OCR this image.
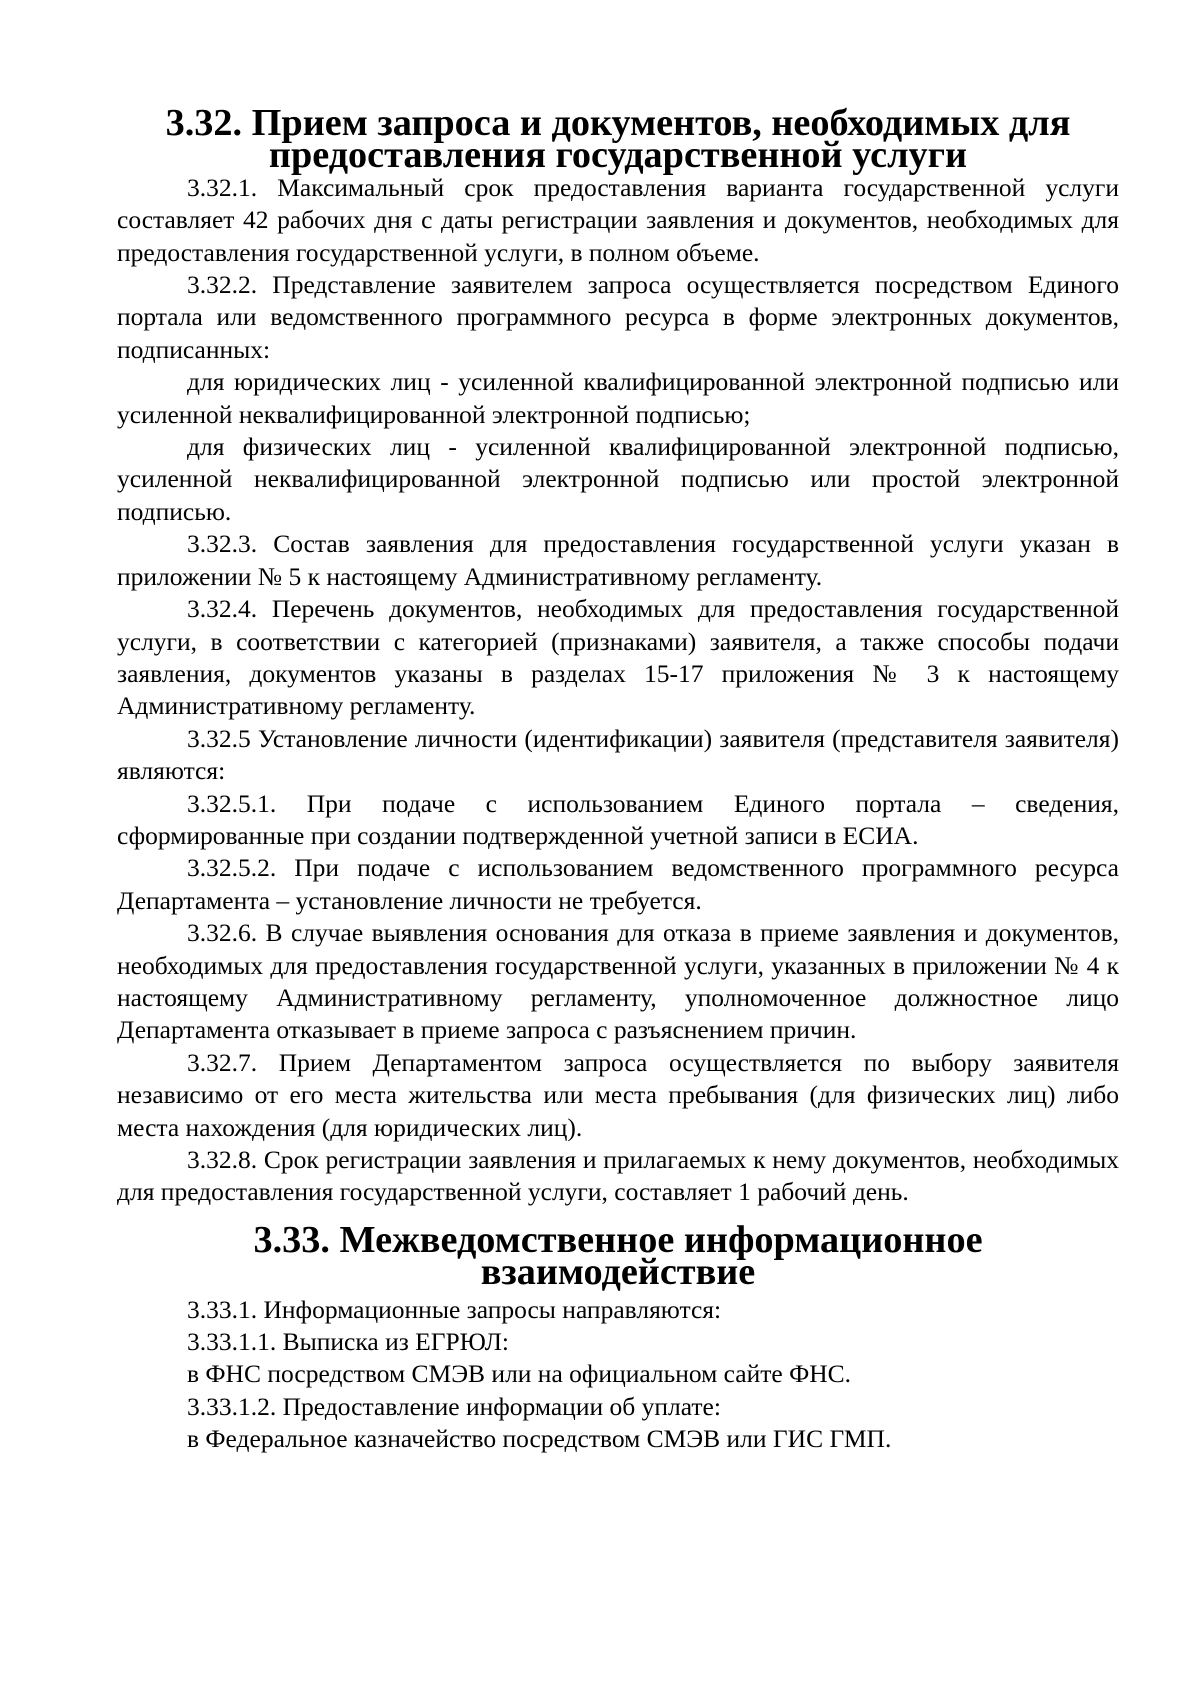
3.32. Прием запроса и документов, необходимых для предоставления государственной услуги

3.32.1. Максимальный срок предоставления варианта государственной услуги составляет 42 рабочих дня с даты регистрации заявления и документов, необходимых для предоставления государственной услуги, в полном объеме.

3.32.2. Представление заявителем запроса осуществляется посредством Единого портала или ведомственного программного ресурса в форме электронных документов, подписанных:

для юридических лиц - усиленной квалифицированной электронной подписью или усиленной неквалифицированной электронной подписью;

для физических лиц - усиленной квалифицированной электронной подписью, усиленной неквалифицированной электронной подписью или простой электронной подписью.

3.32.3. Состав заявления для предоставления государственной услуги указан в приложении № 5 к настоящему Административному регламенту.

3.32.4. Перечень документов, необходимых для предоставления государственной услуги, в соответствии с категорией (признаками) заявителя, а также способы подачи заявления, документов указаны в разделах 15-17 приложения № 3 к настоящему Административному регламенту.

3.32.5 Установление личности (идентификации) заявителя (представителя заявителя) являются:

3.32.5.1. При подаче с использованием Единого портала – сведения, сформированные при создании подтвержденной учетной записи в ЕСИА.

3.32.5.2. При подаче с использованием ведомственного программного ресурса Департамента – установление личности не требуется.

3.32.6. В случае выявления основания для отказа в приеме заявления и документов, необходимых для предоставления государственной услуги, указанных в приложении № 4 к настоящему Административному регламенту, уполномоченное должностное лицо Департамента отказывает в приеме запроса с разъяснением причин.

3.32.7. Прием Департаментом запроса осуществляется по выбору заявителя независимо от его места жительства или места пребывания (для физических лиц) либо места нахождения (для юридических лиц).

3.32.8. Срок регистрации заявления и прилагаемых к нему документов, необходимых для предоставления государственной услуги, составляет 1 рабочий день.

3.33. Межведомственное информационное взаимодействие

3.33.1. Информационные запросы направляются:

3.33.1.1. Выписка из ЕГРЮЛ:

в ФНС посредством СМЭВ или на официальном сайте ФНС.

3.33.1.2. Предоставление информации об уплате:

в Федеральное казначейство посредством СМЭВ или ГИС ГМП.
